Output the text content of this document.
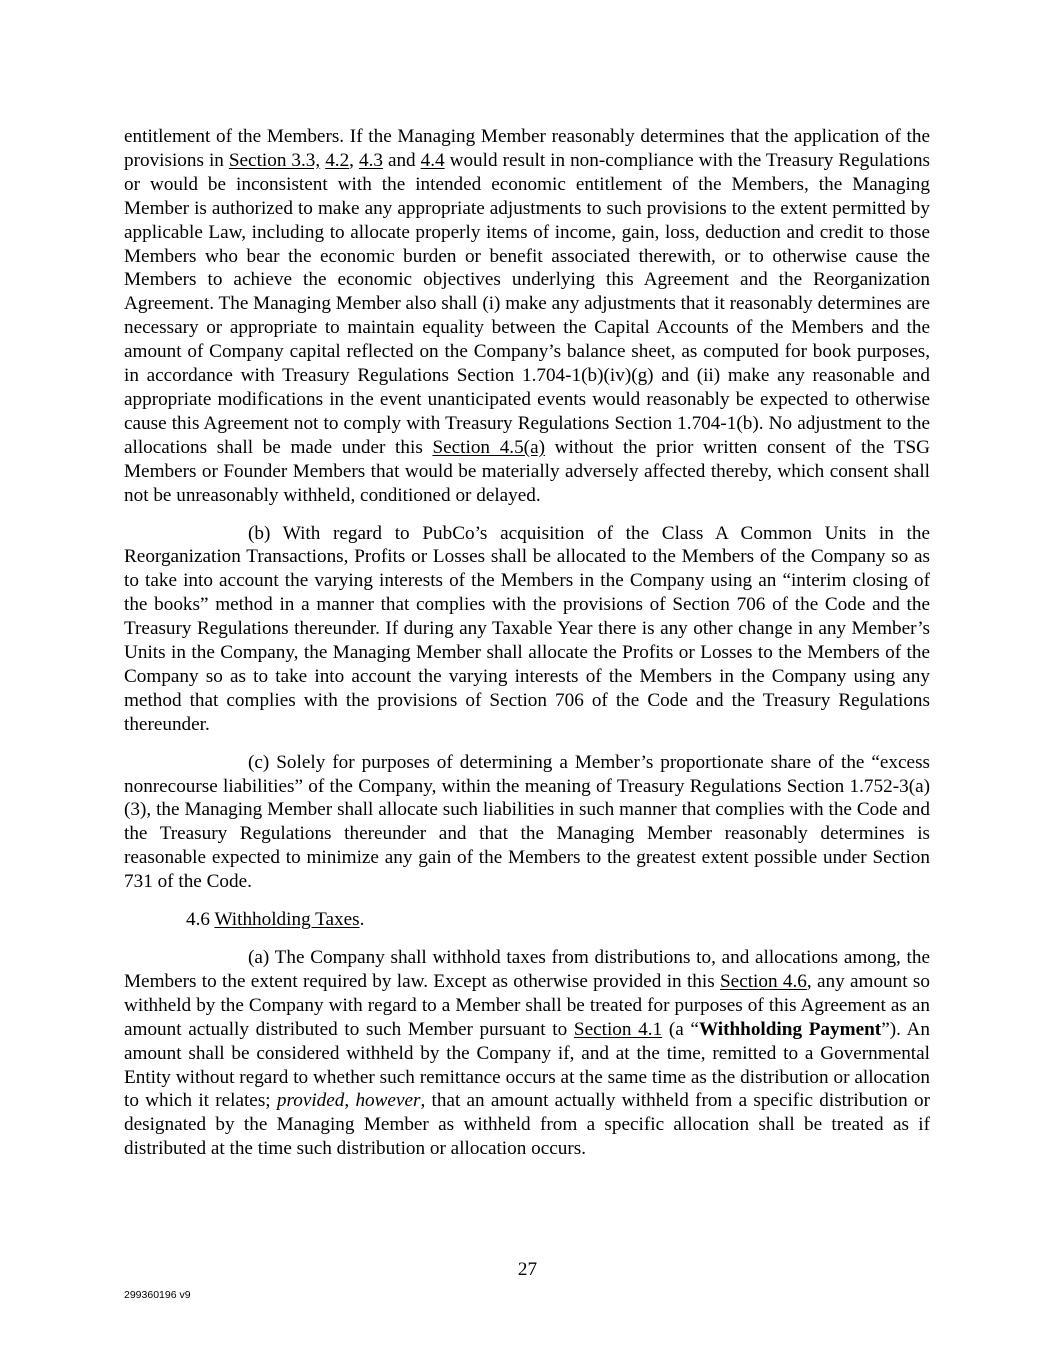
entitlement of the Members. If the Managing Member reasonably determines that the application of the provisions in Section 3.3, 4.2, 4.3 and 4.4 would result in non-compliance with the Treasury Regulations or would be inconsistent with the intended economic entitlement of the Members, the Managing Member is authorized to make any appropriate adjustments to such provisions to the extent permitted by applicable Law, including to allocate properly items of income, gain, loss, deduction and credit to those Members who bear the economic burden or benefit associated therewith, or to otherwise cause the Members to achieve the economic objectives underlying this Agreement and the Reorganization Agreement. The Managing Member also shall (i) make any adjustments that it reasonably determines are necessary or appropriate to maintain equality between the Capital Accounts of the Members and the amount of Company capital reflected on the Company’s balance sheet, as computed for book purposes, in accordance with Treasury Regulations Section 1.704-1(b)(iv)(g) and (ii) make any reasonable and appropriate modifications in the event unanticipated events would reasonably be expected to otherwise cause this Agreement not to comply with Treasury Regulations Section 1.704-1(b). No adjustment to the allocations shall be made under this Section 4.5(a) without the prior written consent of the TSG Members or Founder Members that would be materially adversely affected thereby, which consent shall not be unreasonably withheld, conditioned or delayed.

(b) With regard to PubCo’s acquisition of the Class A Common Units in the Reorganization Transactions, Profits or Losses shall be allocated to the Members of the Company so as to take into account the varying interests of the Members in the Company using an “interim closing of the books” method in a manner that complies with the provisions of Section 706 of the Code and the Treasury Regulations thereunder. If during any Taxable Year there is any other change in any Member’s Units in the Company, the Managing Member shall allocate the Profits or Losses to the Members of the Company so as to take into account the varying interests of the Members in the Company using any method that complies with the provisions of Section 706 of the Code and the Treasury Regulations thereunder.

(c) Solely for purposes of determining a Member’s proportionate share of the “excess nonrecourse liabilities” of the Company, within the meaning of Treasury Regulations Section 1.752-3(a)(3), the Managing Member shall allocate such liabilities in such manner that complies with the Code and the Treasury Regulations thereunder and that the Managing Member reasonably determines is reasonable expected to minimize any gain of the Members to the greatest extent possible under Section 731 of the Code.

4.6 Withholding Taxes.

(a) The Company shall withhold taxes from distributions to, and allocations among, the Members to the extent required by law. Except as otherwise provided in this Section 4.6, any amount so withheld by the Company with regard to a Member shall be treated for purposes of this Agreement as an amount actually distributed to such Member pursuant to Section 4.1 (a “Withholding Payment”). An amount shall be considered withheld by the Company if, and at the time, remitted to a Governmental Entity without regard to whether such remittance occurs at the same time as the distribution or allocation to which it relates; provided, however, that an amount actually withheld from a specific distribution or designated by the Managing Member as withheld from a specific allocation shall be treated as if distributed at the time such distribution or allocation occurs.

27
299360196 v9
